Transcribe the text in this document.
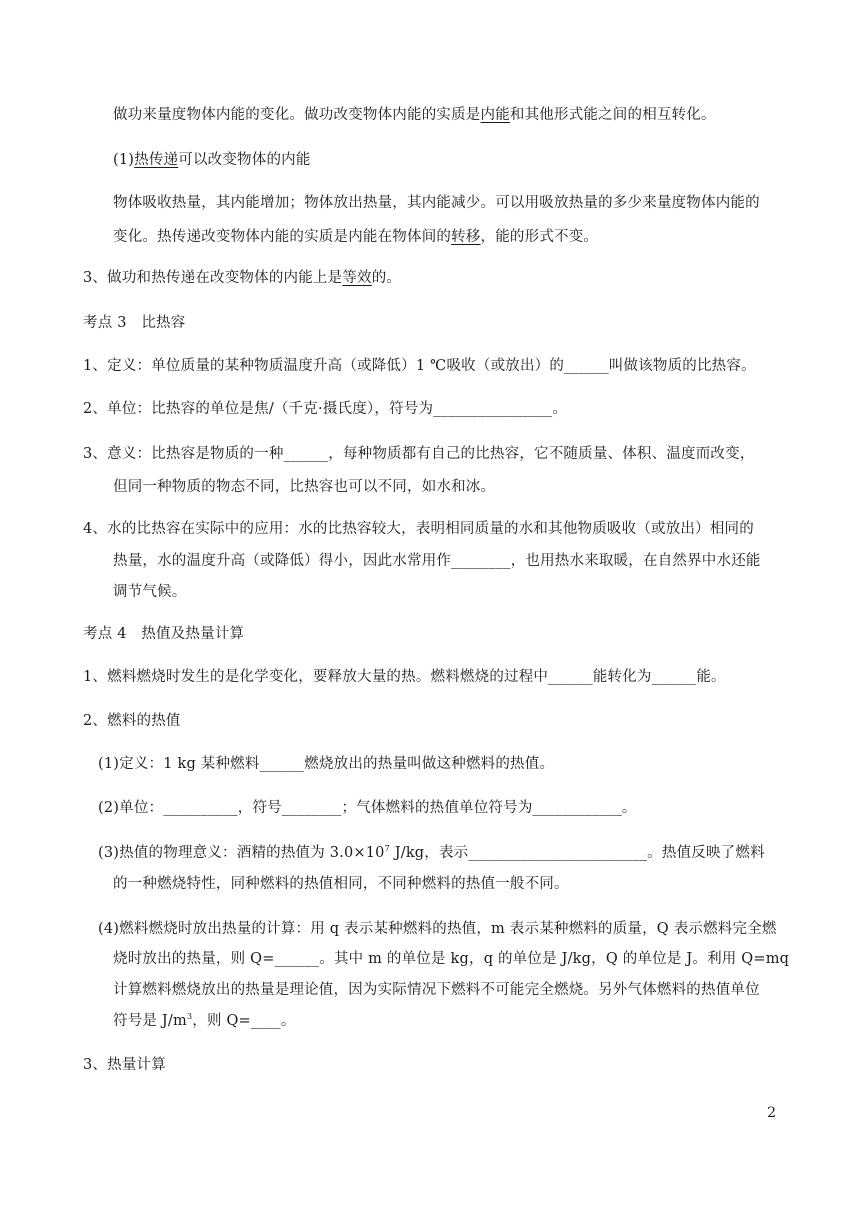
做功来量度物体内能的变化。做功改变物体内能的实质是内能和其他形式能之间的相互转化。
(1)热传递可以改变物体的内能
物体吸收热量，其内能增加；物体放出热量，其内能减少。可以用吸放热量的多少来量度物体内能的
变化。热传递改变物体内能的实质是内能在物体间的转移，能的形式不变。
3、做功和热传递在改变物体的内能上是等效的。
考点 3　比热容
1、定义：单位质量的某种物质温度升高（或降低）1 ℃吸收（或放出）的______叫做该物质的比热容。
2、单位：比热容的单位是焦/（千克·摄氏度），符号为________________。
3、意义：比热容是物质的一种______，每种物质都有自己的比热容，它不随质量、体积、温度而改变，
但同一种物质的物态不同，比热容也可以不同，如水和冰。
4、水的比热容在实际中的应用：水的比热容较大，表明相同质量的水和其他物质吸收（或放出）相同的
热量，水的温度升高（或降低）得小，因此水常用作________，也用热水来取暖，在自然界中水还能
调节气候。
考点 4　热值及热量计算
1、燃料燃烧时发生的是化学变化，要释放大量的热。燃料燃烧的过程中______能转化为______能。
2、燃料的热值
(1)定义：1 kg 某种燃料______燃烧放出的热量叫做这种燃料的热值。
(2)单位：__________，符号________；气体燃料的热值单位符号为____________。
(3)热值的物理意义：酒精的热值为 $3.0\times 10^7$ J/kg，表示________________________。热值反映了燃料
的一种燃烧特性，同种燃料的热值相同，不同种燃料的热值一般不同。
(4)燃料燃烧时放出热量的计算：用 q 表示某种燃料的热值，m 表示某种燃料的质量，Q 表示燃料完全燃
烧时放出的热量，则 Q=______。其中 m 的单位是 kg，q 的单位是 J/kg，Q 的单位是 J。利用 Q=mq
计算燃料燃烧放出的热量是理论值，因为实际情况下燃料不可能完全燃烧。另外气体燃料的热值单位
符号是 $J/m^3$，则 Q=____。
3、热量计算
2
